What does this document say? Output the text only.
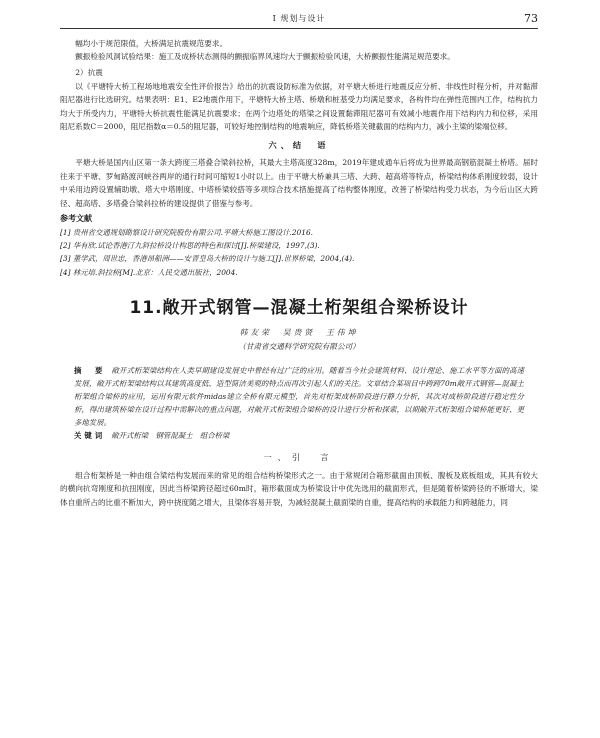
Ⅰ 规划与设计	73

幅均小于规范限值，大桥满足抗震规范要求。

颤振检验风洞试验结果：施工及成桥状态测得的颤振临界风速均大于颤振检验风速，大桥颤振性能满足规范要求。

2）抗震

以《平塘特大桥工程场地地震安全性评价报告》给出的抗震设防标准为依据，对平塘大桥进行地震反应分析、非线性时程分析，并对黏滞阻尼器进行比选研究。结果表明：E1、E2地震作用下，平塘特大桥主塔、桥墩和桩基受力均满足要求，各构件均在弹性范围内工作，结构抗力均大于所受内力，平塘特大桥抗震性能满足抗震要求；在两个边塔处的塔梁之间设置黏滞阻尼器可有效减小地震作用下结构内力和位移，采用阻尼系数C＝2000，阻尼指数α＝0.5的阻尼器，可较好地控制结构的地震响应，降低桥塔关键截面的结构内力，减小主梁的梁端位移。

六、结　语

平塘大桥是国内山区第一条大跨度三塔叠合梁斜拉桥，其最大主塔高度328m，2019年建成通车后将成为世界最高钢筋混凝土桥塔。届时往来于平塘、罗甸路渡河峡谷两岸的通行时间可缩短1小时以上。由于平塘大桥兼具三塔、大跨、超高塔等特点，桥梁结构体系刚度较弱，设计中采用边跨设置辅助墩、塔大中塔刚度、中塔桥梁较搭等多项综合技术措施提高了结构整体刚度，改善了桥梁结构受力状态，为今后山区大跨径、超高塔、多塔叠合梁斜拉桥的建设提供了借鉴与参考。

参考文献
[1] 贵州省交通规划勘察设计研究院股份有限公司.平塘大桥施工图设计.2016.
[2] 华有欣.试论香港汀九斜拉桥设计构思的特色和探讨[J].桥梁建设，1997,(3).
[3] 董学武，周世忠，香港昂船洲——安晋皇岛大桥的设计与施工[J].世界桥梁，2004,(4).
[4] 林元培.斜拉桥[M].北京：人民交通出版社，2004.
11.敞开式钢管—混凝土桁架组合梁桥设计
韩友荣　吴贵贤　王伟坤
（甘肃省交通科学研究院有限公司）
摘　要 敞开式桁架梁结构在人类早期建设发展史中曾经有过广泛的应用。随着当今社会建筑材料、设计理论、施工水平等方面的高速发展，敞开式桁架梁结构以其建筑高度低、造型简洁美观的特点而再次引起人们的关注。文章结合某项目中跨跨70m敞开式钢管—混凝土桁架组合梁桥的应用，运用有限元软件midas建立全桥有限元模型，首先对桁架成桥阶段进行静力分析，其次对成桥阶段进行稳定性分析，得出建筑桥梁在设计过程中需解决的重点问题，对敞开式桁架组合梁桥的设计进行分析和探索，以期敞开式桁架组合梁桥能更好、更多地发展。
关键词 敞开式桁梁　钢管混凝土　组合桥梁
一、引　言

组合桁架桥是一种由组合梁结构发展而来的常见的组合结构桥梁形式之一。由于常规闭合箱形截面由顶板、腹板及底板组成，其具有较大的横向抗弯刚度和抗扭刚度，因此当桥梁跨径超过60m时，箱形截面成为桥梁设计中优先选用的截面形式，但是随着桥梁跨径的不断增大，梁体自重所占的比重不断加大，跨中挠度随之增大，且梁体容易开裂，为减轻混凝土截面梁的自重，提高结构的承载能力和跨越能力，同
